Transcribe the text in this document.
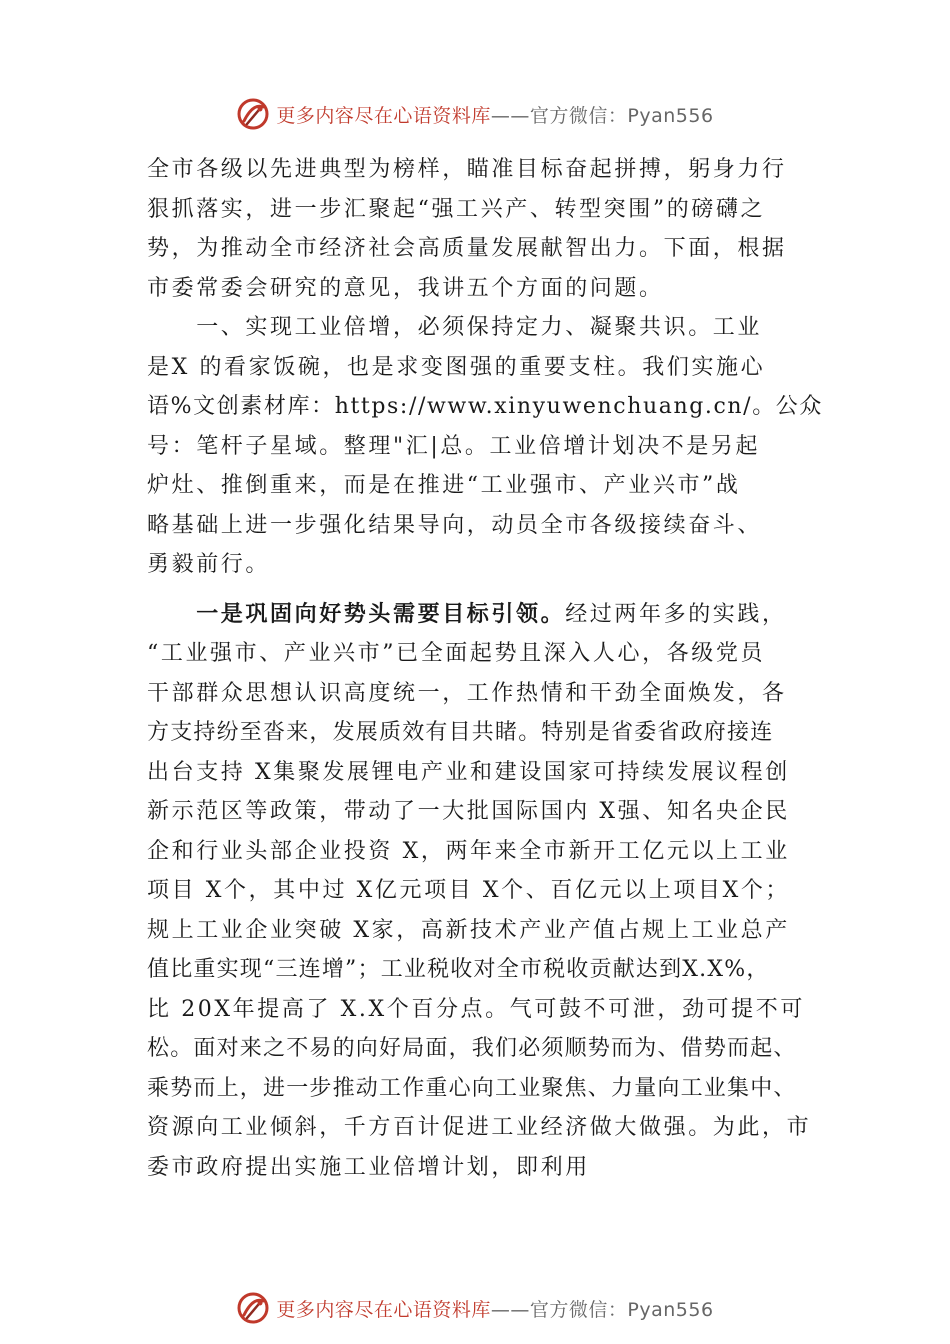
更多内容尽在心语资料库——官方微信：Pyan556
全市各级以先进典型为榜样，瞄准目标奋起拼搏，躬身力行
狠抓落实，进一步汇聚起“强工兴产、转型突围”的磅礴之
势，为推动全市经济社会高质量发展献智出力。下面，根据
市委常委会研究的意见，我讲五个方面的问题。
　　一、实现工业倍增，必须保持定力、凝聚共识。工业
是X 的看家饭碗，也是求变图强的重要支柱。我们实施心
语%文创素材库：https://www.xinyuwenchuang.cn/。公众
号：笔杆子星域。整理"汇|总。工业倍增计划决不是另起
炉灶、推倒重来，而是在推进“工业强市、产业兴市”战
略基础上进一步强化结果导向，动员全市各级接续奋斗、
勇毅前行。
　　一是巩固向好势头需要目标引领。经过两年多的实践，
“工业强市、产业兴市”已全面起势且深入人心，各级党员
干部群众思想认识高度统一，工作热情和干劲全面焕发，各
方支持纷至沓来，发展质效有目共睹。特别是省委省政府接连
出台支持 X集聚发展锂电产业和建设国家可持续发展议程创
新示范区等政策，带动了一大批国际国内 X强、知名央企民
企和行业头部企业投资 X，两年来全市新开工亿元以上工业
项目 X个，其中过 X亿元项目 X个、百亿元以上项目X个；
规上工业企业突破 X家，高新技术产业产值占规上工业总产
值比重实现“三连增”；工业税收对全市税收贡献达到X.X%，
比 20X年提高了 X.X个百分点。气可鼓不可泄，劲可提不可
松。面对来之不易的向好局面，我们必须顺势而为、借势而起、
乘势而上，进一步推动工作重心向工业聚焦、力量向工业集中、
资源向工业倾斜，千方百计促进工业经济做大做强。为此，市
委市政府提出实施工业倍增计划，即利用
更多内容尽在心语资料库——官方微信：Pyan556
